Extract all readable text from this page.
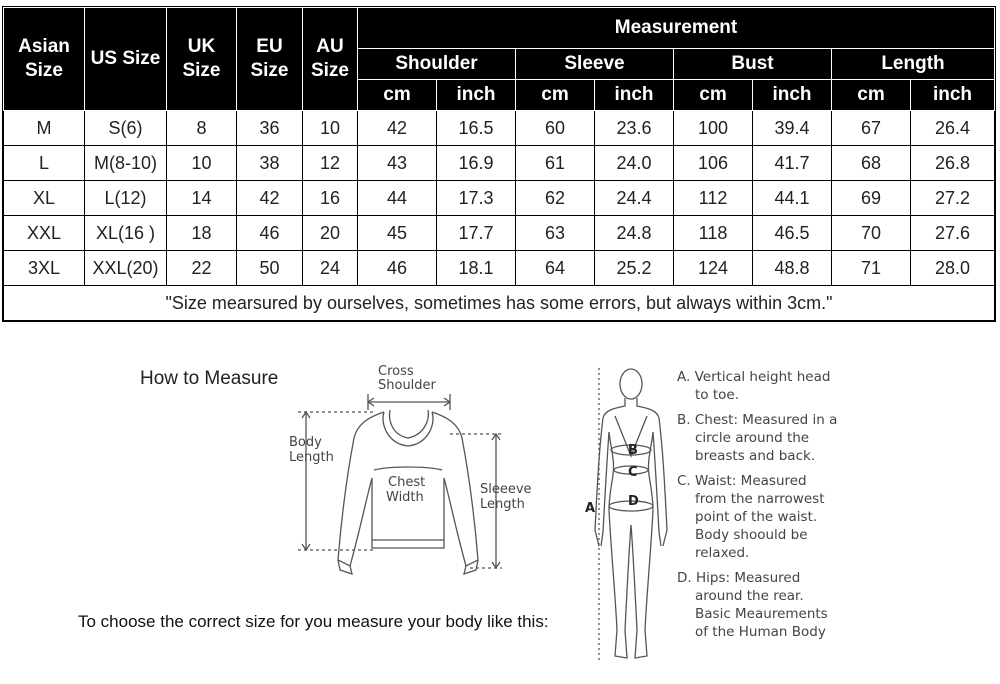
Asian Size	US Size	UK Size	EU Size	AU Size	Measurement							
					Shoulder		Sleeve		Bust		Length	
					cm	inch	cm	inch	cm	inch	cm	inch
M	S(6)	8	36	10	42	16.5	60	23.6	100	39.4	67	26.4
L	M(8-10)	10	38	12	43	16.9	61	24.0	106	41.7	68	26.8
XL	L(12)	14	42	16	44	17.3	62	24.4	112	44.1	69	27.2
XXL	XL(16 )	18	46	20	45	17.7	63	24.8	118	46.5	70	27.6
3XL	XXL(20)	22	50	24	46	18.1	64	25.2	124	48.8	71	28.0
"Size mearsured by ourselves, sometimes has some errors, but always within 3cm."												
How to Measure	Cross
Shoulder
Body
Length
Chest
Width
Sleeeve
Length
To choose the correct size for you measure your body like this:
A
B
C
D
A. Vertical height head
to toe.
B. Chest: Measured in a
circle around the
breasts and back.
C. Waist: Measured
from the narrowest
point of the waist.
Body shoould be
relaxed.
D. Hips: Measured
around the rear.
Basic Meaurements
of the Human Body
